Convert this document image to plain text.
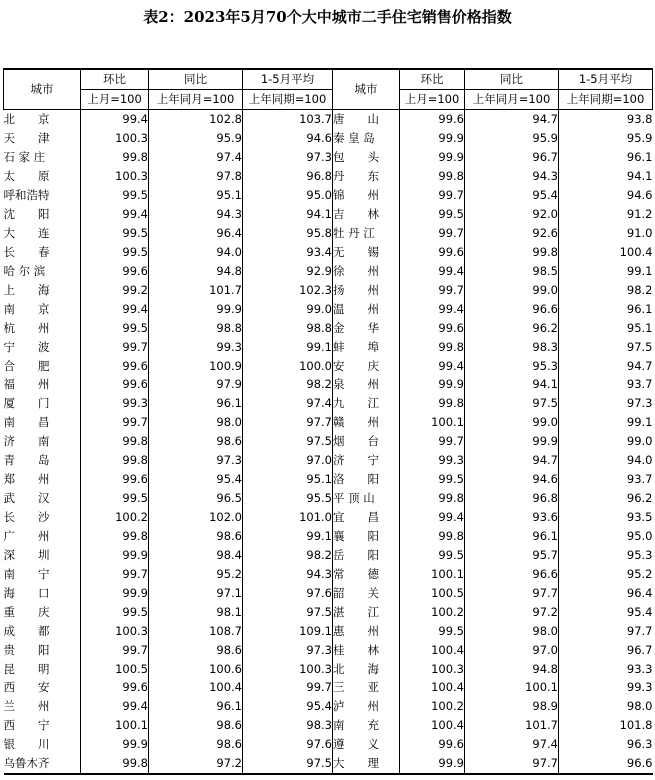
表2：2023年5月70个大中城市二手住宅销售价格指数
城市	环比	同比	1-5月平均	城市	环比	同比	1-5月平均
	上月=100	上年同月=100	上年同期=100		上月=100	上年同月=100	上年同期=100
北　　京	99.4	102.8	103.7	唐　　山	99.6	94.7	93.8
天　　津	100.3	95.9	94.6	秦 皇 岛	99.9	95.9	95.9
石 家 庄	99.8	97.4	97.3	包　　头	99.9	96.7	96.1
太　　原	100.3	97.8	96.8	丹　　东	99.8	94.3	94.1
呼和浩特	99.5	95.1	95.0	锦　　州	99.7	95.4	94.6
沈　　阳	99.4	94.3	94.1	吉　　林	99.5	92.0	91.2
大　　连	99.5	96.4	95.8	牡 丹 江	99.7	92.6	91.0
长　　春	99.5	94.0	93.4	无　　锡	99.6	99.8	100.4
哈 尔 滨	99.6	94.8	92.9	徐　　州	99.4	98.5	99.1
上　　海	99.2	101.7	102.3	扬　　州	99.7	99.0	98.2
南　　京	99.4	99.9	99.0	温　　州	99.4	96.6	96.1
杭　　州	99.5	98.8	98.8	金　　华	99.6	96.2	95.1
宁　　波	99.7	99.3	99.1	蚌　　埠	99.8	98.3	97.5
合　　肥	99.6	100.9	100.0	安　　庆	99.4	95.3	94.7
福　　州	99.6	97.9	98.2	泉　　州	99.9	94.1	93.7
厦　　门	99.3	96.1	97.4	九　　江	99.8	97.5	97.3
南　　昌	99.7	98.0	97.7	赣　　州	100.1	99.0	99.1
济　　南	99.8	98.6	97.5	烟　　台	99.7	99.9	99.0
青　　岛	99.8	97.3	97.0	济　　宁	99.3	94.7	94.0
郑　　州	99.6	95.4	95.1	洛　　阳	99.5	94.6	93.7
武　　汉	99.5	96.5	95.5	平 顶 山	99.8	96.8	96.2
长　　沙	100.2	102.0	101.0	宜　　昌	99.4	93.6	93.5
广　　州	99.8	98.6	99.1	襄　　阳	99.8	96.1	95.0
深　　圳	99.9	98.4	98.2	岳　　阳	99.5	95.7	95.3
南　　宁	99.7	95.2	94.3	常　　德	100.1	96.6	95.2
海　　口	99.9	97.1	97.6	韶　　关	100.5	97.7	96.4
重　　庆	99.5	98.1	97.5	湛　　江	100.2	97.2	95.4
成　　都	100.3	108.7	109.1	惠　　州	99.5	98.0	97.7
贵　　阳	99.7	98.6	97.3	桂　　林	100.4	97.0	96.7
昆　　明	100.5	100.6	100.3	北　　海	100.3	94.8	93.3
西　　安	99.6	100.4	99.7	三　　亚	100.4	100.1	99.3
兰　　州	99.4	96.1	95.4	泸　　州	100.2	98.9	98.0
西　　宁	100.1	98.6	98.3	南　　充	100.4	101.7	101.8
银　　川	99.9	98.6	97.6	遵　　义	99.6	97.4	96.3
乌鲁木齐	99.8	97.2	97.5	大　　理	99.9	97.7	96.6
